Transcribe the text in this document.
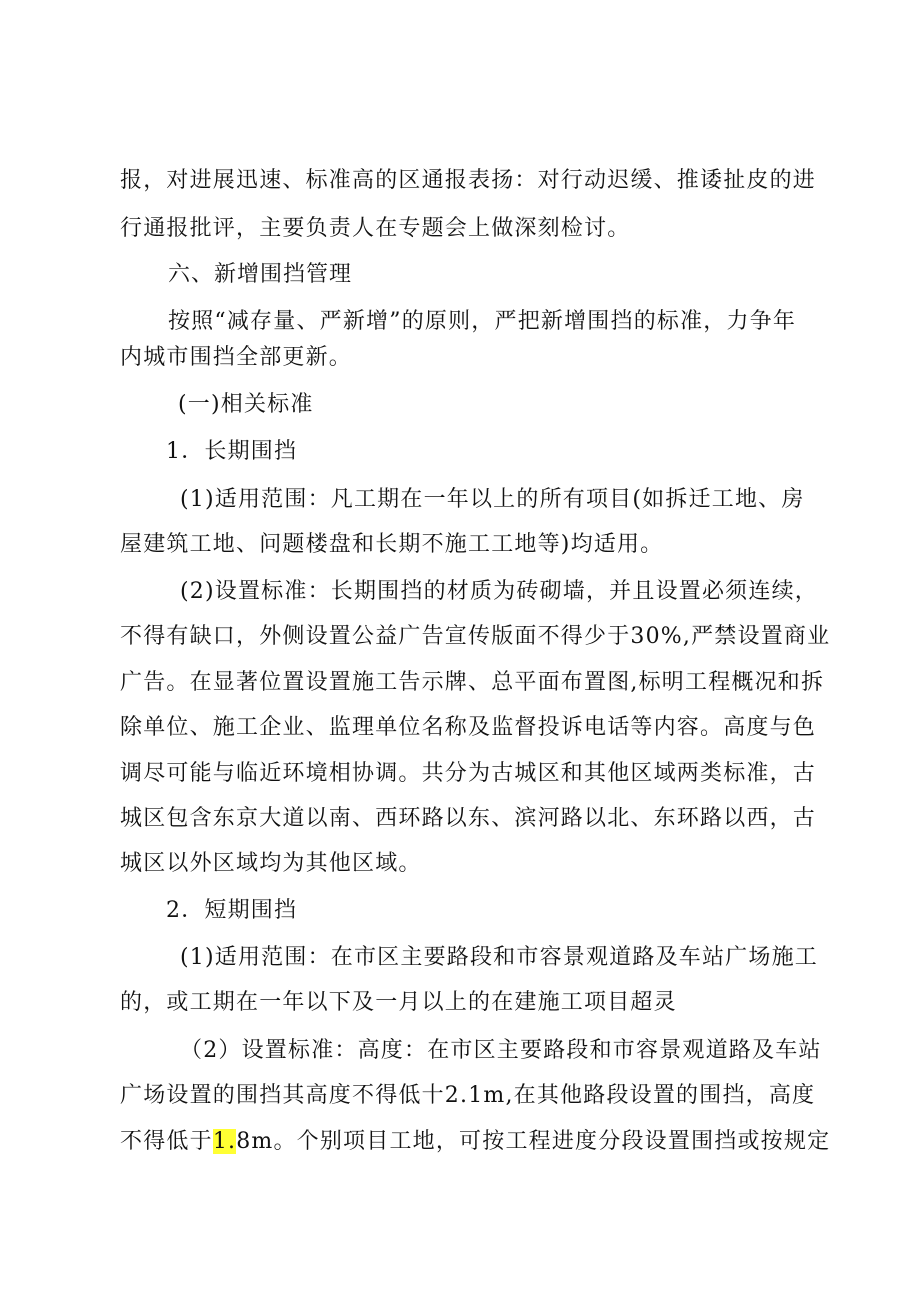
报，对进展迅速、标准高的区通报表扬：对行动迟缓、推诿扯皮的进
行通报批评，主要负责人在专题会上做深刻检讨。
六、新增围挡管理
按照“减存量、严新增”的原则，严把新增围挡的标准，力争年
内城市围挡全部更新。
(一)相关标准
1．长期围挡
(1)适用范围：凡工期在一年以上的所有项目(如拆迁工地、房
屋建筑工地、问题楼盘和长期不施工工地等)均适用。
(2)设置标准：长期围挡的材质为砖砌墙，并且设置必须连续，
不得有缺口，外侧设置公益广告宣传版面不得少于30%,严禁设置商业
广告。在显著位置设置施工告示牌、总平面布置图,标明工程概况和拆
除单位、施工企业、监理单位名称及监督投诉电话等内容。高度与色
调尽可能与临近环境相协调。共分为古城区和其他区域两类标准，古
城区包含东京大道以南、西环路以东、滨河路以北、东环路以西，古
城区以外区域均为其他区域。
2．短期围挡
(1)适用范围：在市区主要路段和市容景观道路及车站广场施工
的，或工期在一年以下及一月以上的在建施工项目超灵
（2）设置标准：高度：在市区主要路段和市容景观道路及车站
广场设置的围挡其高度不得低十2.1m,在其他路段设置的围挡，高度
不得低于1.8m。个别项目工地，可按工程进度分段设置围挡或按规定
